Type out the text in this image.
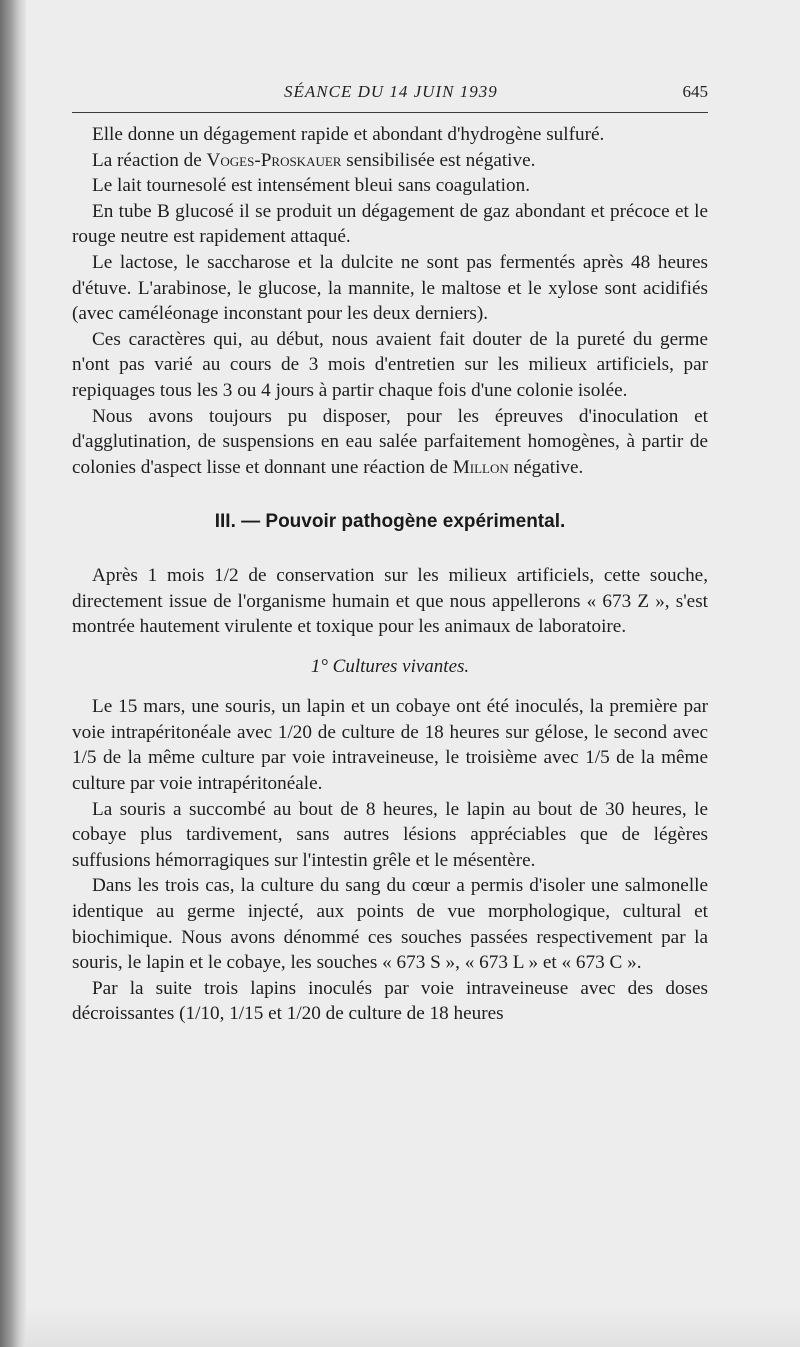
SÉANCE DU 14 JUIN 1939	645

Elle donne un dégagement rapide et abondant d'hydrogène sulfuré.

La réaction de Voges-Proskauer sensibilisée est négative.

Le lait tournesolé est intensément bleui sans coagulation.

En tube B glucosé il se produit un dégagement de gaz abondant et précoce et le rouge neutre est rapidement attaqué.

Le lactose, le saccharose et la dulcite ne sont pas fermentés après 48 heures d'étuve. L'arabinose, le glucose, la mannite, le maltose et le xylose sont acidifiés (avec caméléonage inconstant pour les deux derniers).

Ces caractères qui, au début, nous avaient fait douter de la pureté du germe n'ont pas varié au cours de 3 mois d'entretien sur les milieux artificiels, par repiquages tous les 3 ou 4 jours à partir chaque fois d'une colonie isolée.

Nous avons toujours pu disposer, pour les épreuves d'inoculation et d'agglutination, de suspensions en eau salée parfaitement homogènes, à partir de colonies d'aspect lisse et donnant une réaction de Millon négative.

III. — Pouvoir pathogène expérimental.

Après 1 mois 1/2 de conservation sur les milieux artificiels, cette souche, directement issue de l'organisme humain et que nous appellerons « 673 Z », s'est montrée hautement virulente et toxique pour les animaux de laboratoire.

1° Cultures vivantes.

Le 15 mars, une souris, un lapin et un cobaye ont été inoculés, la première par voie intrapéritonéale avec 1/20 de culture de 18 heures sur gélose, le second avec 1/5 de la même culture par voie intraveineuse, le troisième avec 1/5 de la même culture par voie intrapéritonéale.

La souris a succombé au bout de 8 heures, le lapin au bout de 30 heures, le cobaye plus tardivement, sans autres lésions appréciables que de légères suffusions hémorragiques sur l'intestin grêle et le mésentère.

Dans les trois cas, la culture du sang du cœur a permis d'isoler une salmonelle identique au germe injecté, aux points de vue morphologique, cultural et biochimique. Nous avons dénommé ces souches passées respectivement par la souris, le lapin et le cobaye, les souches « 673 S », « 673 L » et « 673 C ».

Par la suite trois lapins inoculés par voie intraveineuse avec des doses décroissantes (1/10, 1/15 et 1/20 de culture de 18 heures
